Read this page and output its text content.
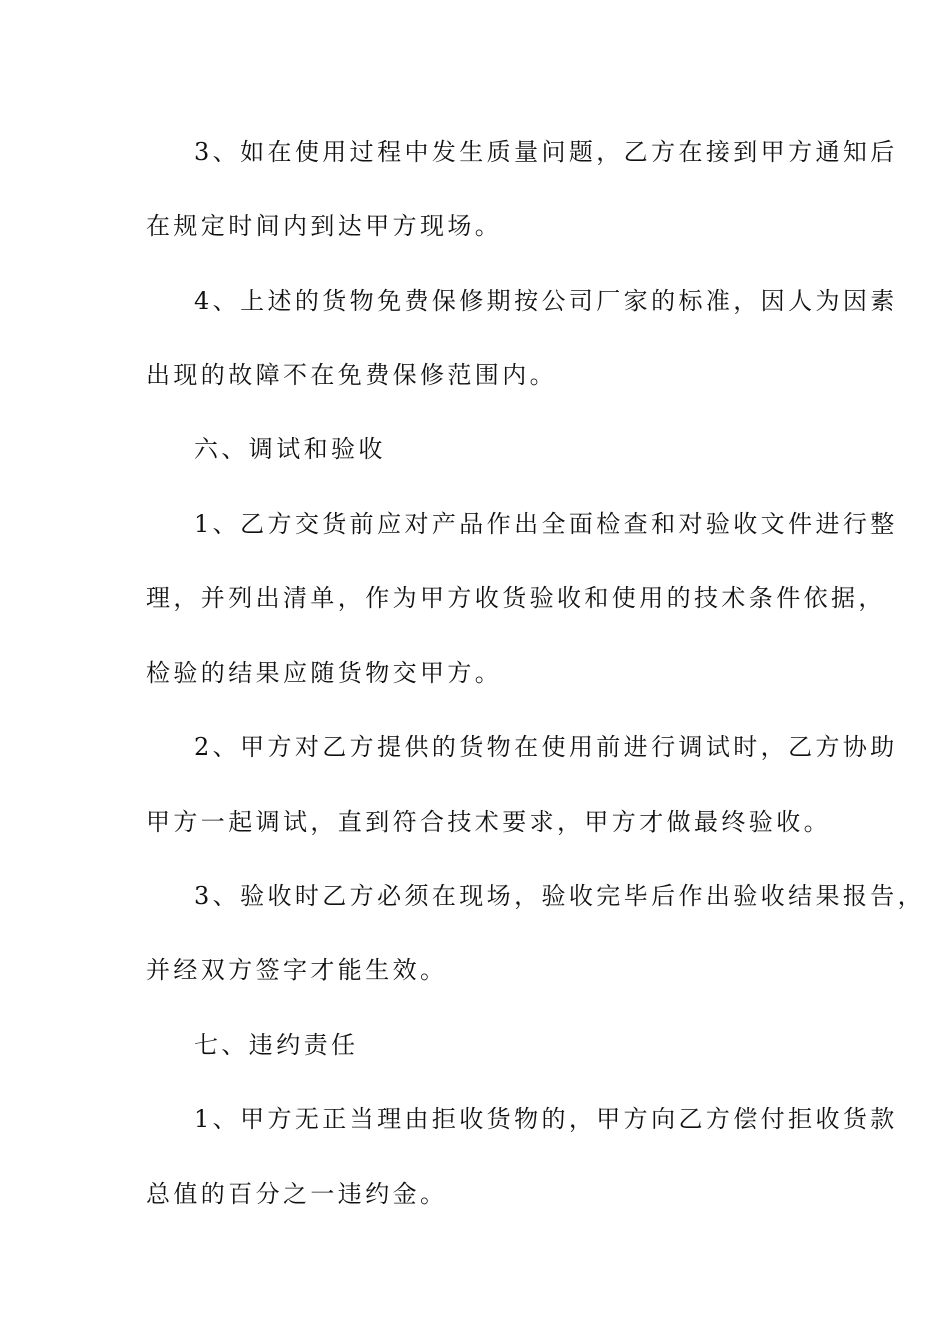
3、如在使用过程中发生质量问题，乙方在接到甲方通知后
在规定时间内到达甲方现场。
4、上述的货物免费保修期按公司厂家的标准，因人为因素
出现的故障不在免费保修范围内。
六、调试和验收
1、乙方交货前应对产品作出全面检查和对验收文件进行整
理，并列出清单，作为甲方收货验收和使用的技术条件依据，
检验的结果应随货物交甲方。
2、甲方对乙方提供的货物在使用前进行调试时，乙方协助
甲方一起调试，直到符合技术要求，甲方才做最终验收。
3、验收时乙方必须在现场，验收完毕后作出验收结果报告，
并经双方签字才能生效。
七、违约责任
1、甲方无正当理由拒收货物的，甲方向乙方偿付拒收货款
总值的百分之一违约金。
